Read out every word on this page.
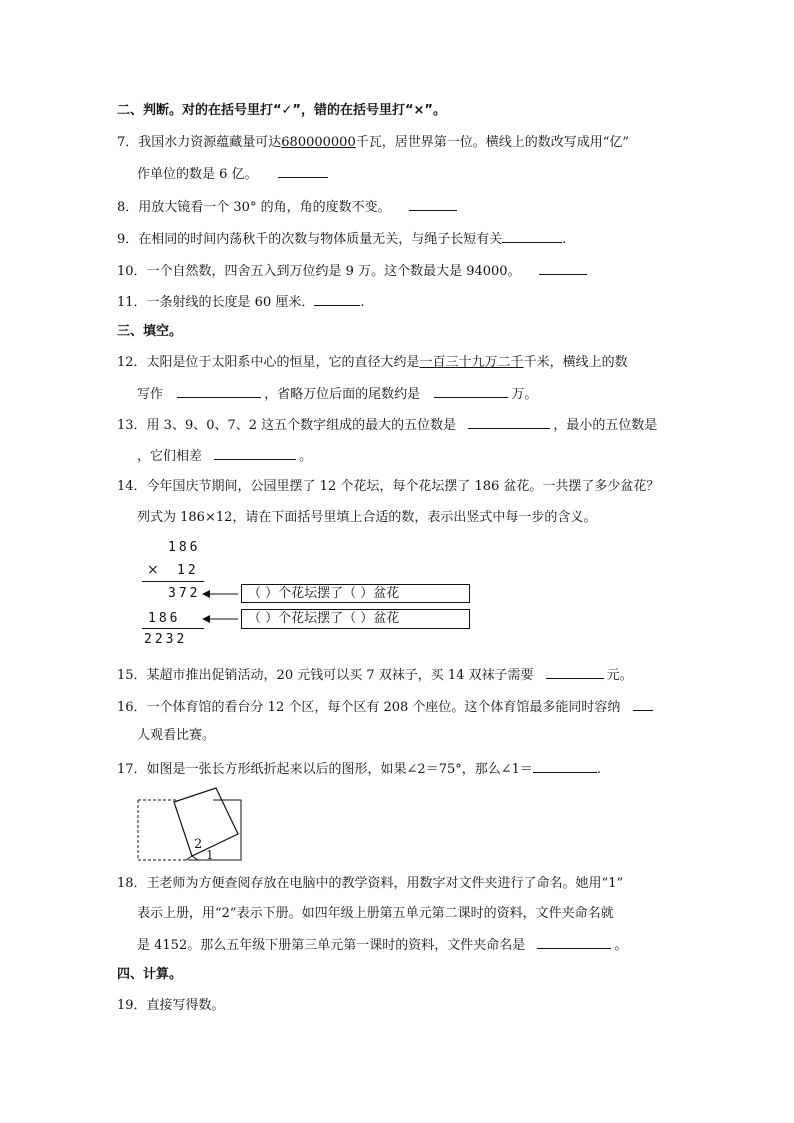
二、判断。对的在括号里打“✓”，错的在括号里打“×”。
7．我国水力资源蕴藏量可达680000000千瓦，居世界第一位。横线上的数改写成用“亿”
作单位的数是 6 亿。
8．用放大镜看一个 30° 的角，角的度数不变。
9．在相同的时间内荡秋千的次数与物体质量无关，与绳子长短有关	.
10．一个自然数，四舍五入到万位约是 9 万。这个数最大是 94000。
11．一条射线的长度是 60 厘米．	.
三、填空。
12．太阳是位于太阳系中心的恒星，它的直径大约是一百三十九万二千千米，横线上的数
写作	，省略万位后面的尾数约是	万。
13．用 3、9、0、7、2 这五个数字组成的最大的五位数是	，最小的五位数是
，它们相差	。
14．今年国庆节期间，公园里摆了 12 个花坛，每个花坛摆了 186 盆花。一共摆了多少盆花？
列式为 186×12，请在下面括号里填上合适的数，表示出竖式中每一步的含义。
186
× 12
372
186
2232
（ ）个花坛摆了（ ）盆花
（ ）个花坛摆了（ ）盆花
15．某超市推出促销活动，20 元钱可以买 7 双袜子，买 14 双袜子需要	元。
16．一个体育馆的看台分 12 个区，每个区有 208 个座位。这个体育馆最多能同时容纳
人观看比赛。
17．如图是一张长方形纸折起来以后的图形，如果∠2＝75°，那么∠1＝	.
2
1
18．王老师为方便查阅存放在电脑中的教学资料，用数字对文件夹进行了命名。她用“1”
表示上册，用“2”表示下册。如四年级上册第五单元第二课时的资料，文件夹命名就
是 4152。那么五年级下册第三单元第一课时的资料，文件夹命名是	。
四、计算。
19．直接写得数。
